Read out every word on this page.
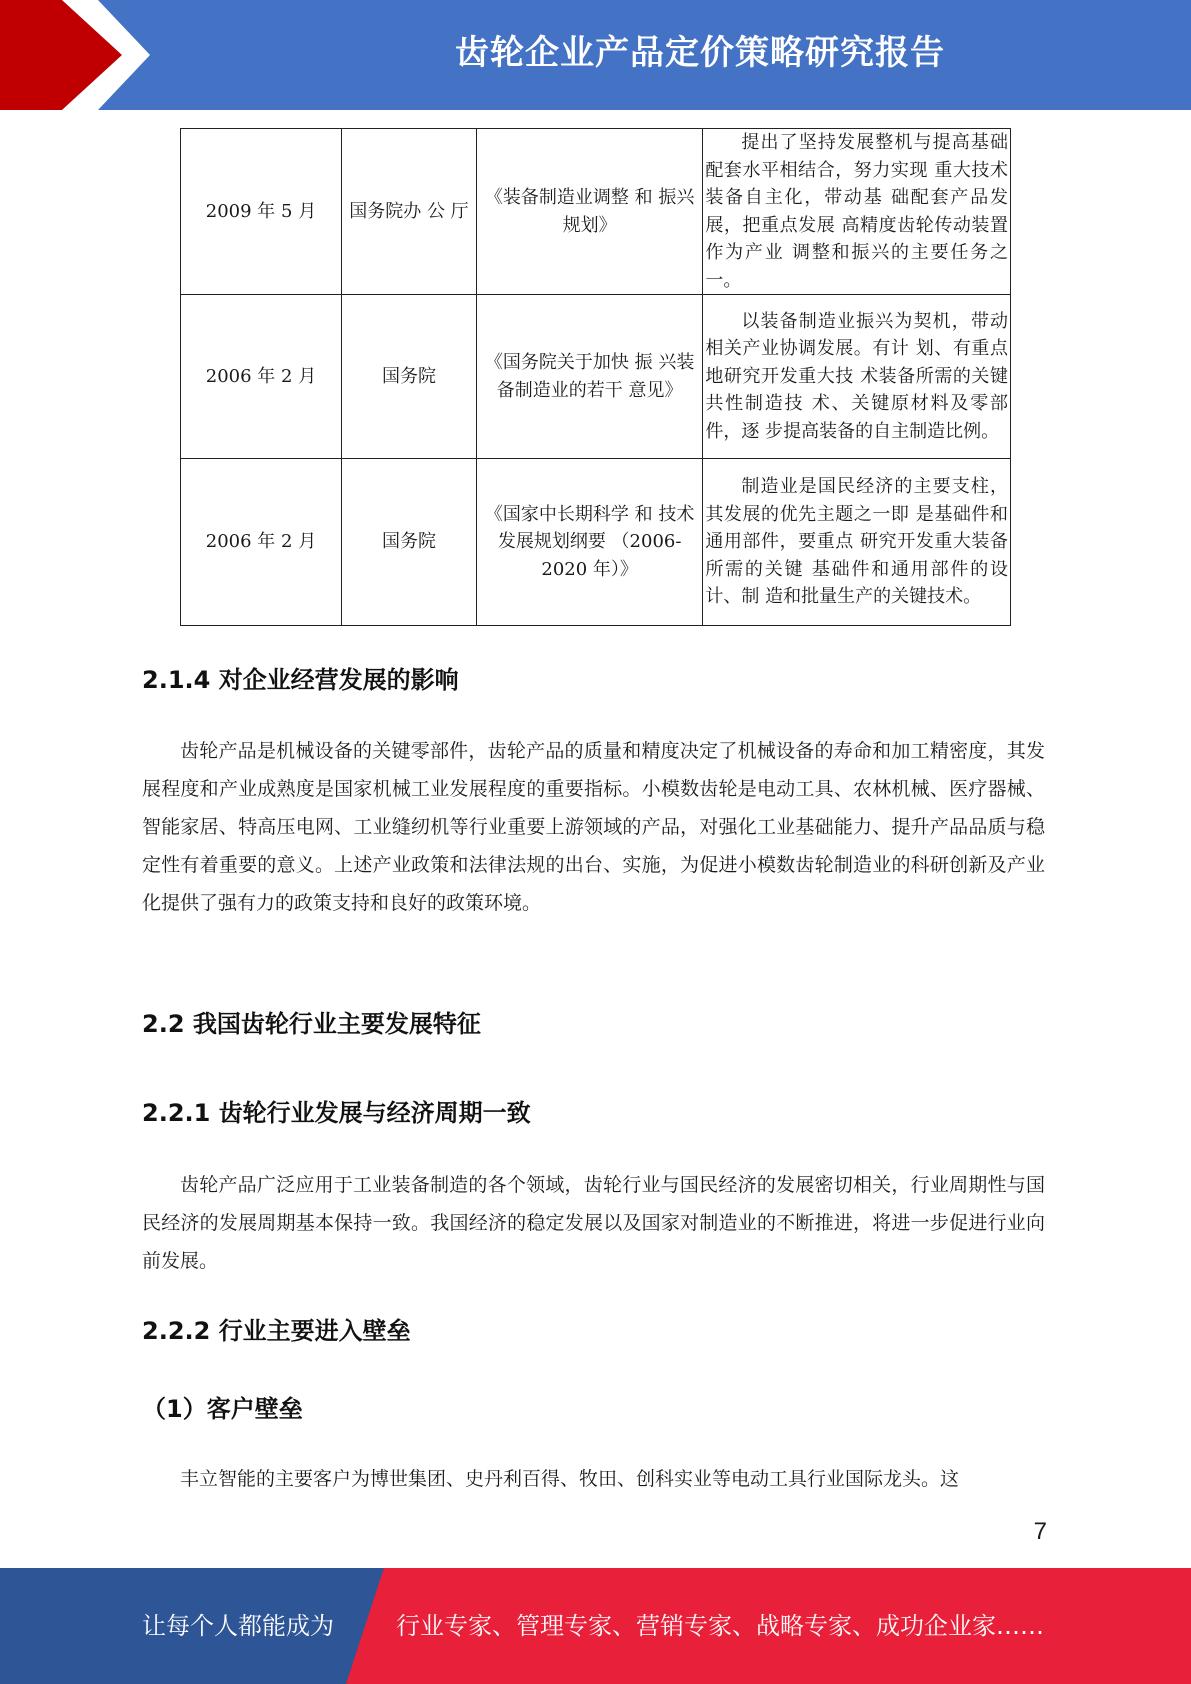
齿轮企业产品定价策略研究报告
2009 年 5 月	国务院办 公 厅	《装备制造业调整 和 振兴规划》	提出了坚持发展整机与提高基础配套水平相结合，努力实现 重大技术装备自主化，带动基 础配套产品发展，把重点发展 高精度齿轮传动装置作为产业 调整和振兴的主要任务之一。

2006 年 2 月	国务院	《国务院关于加快 振 兴装备制造业的若干 意见》	以装备制造业振兴为契机，带动相关产业协调发展。有计 划、有重点地研究开发重大技 术装备所需的关键共性制造技 术、关键原材料及零部件，逐 步提高装备的自主制造比例。

2006 年 2 月	国务院	《国家中长期科学 和 技术发展规划纲要 （2006-2020 年）》	制造业是国民经济的主要支柱，其发展的优先主题之一即 是基础件和通用部件，要重点 研究开发重大装备所需的关键 基础件和通用部件的设计、制 造和批量生产的关键技术。
2.1.4 对企业经营发展的影响

齿轮产品是机械设备的关键零部件，齿轮产品的质量和精度决定了机械设备的寿命和加工精密度，其发展程度和产业成熟度是国家机械工业发展程度的重要指标。小模数齿轮是电动工具、农林机械、医疗器械、智能家居、特高压电网、工业缝纫机等行业重要上游领域的产品，对强化工业基础能力、提升产品品质与稳定性有着重要的意义。上述产业政策和法律法规的出台、实施，为促进小模数齿轮制造业的科研创新及产业化提供了强有力的政策支持和良好的政策环境。

2.2 我国齿轮行业主要发展特征
2.2.1 齿轮行业发展与经济周期一致

齿轮产品广泛应用于工业装备制造的各个领域，齿轮行业与国民经济的发展密切相关，行业周期性与国民经济的发展周期基本保持一致。我国经济的稳定发展以及国家对制造业的不断推进，将进一步促进行业向前发展。

2.2.2 行业主要进入壁垒
（1）客户壁垒

丰立智能的主要客户为博世集团、史丹利百得、牧田、创科实业等电动工具行业国际龙头。这

7
让每个人都能成为	行业专家、管理专家、营销专家、战略专家、成功企业家……
